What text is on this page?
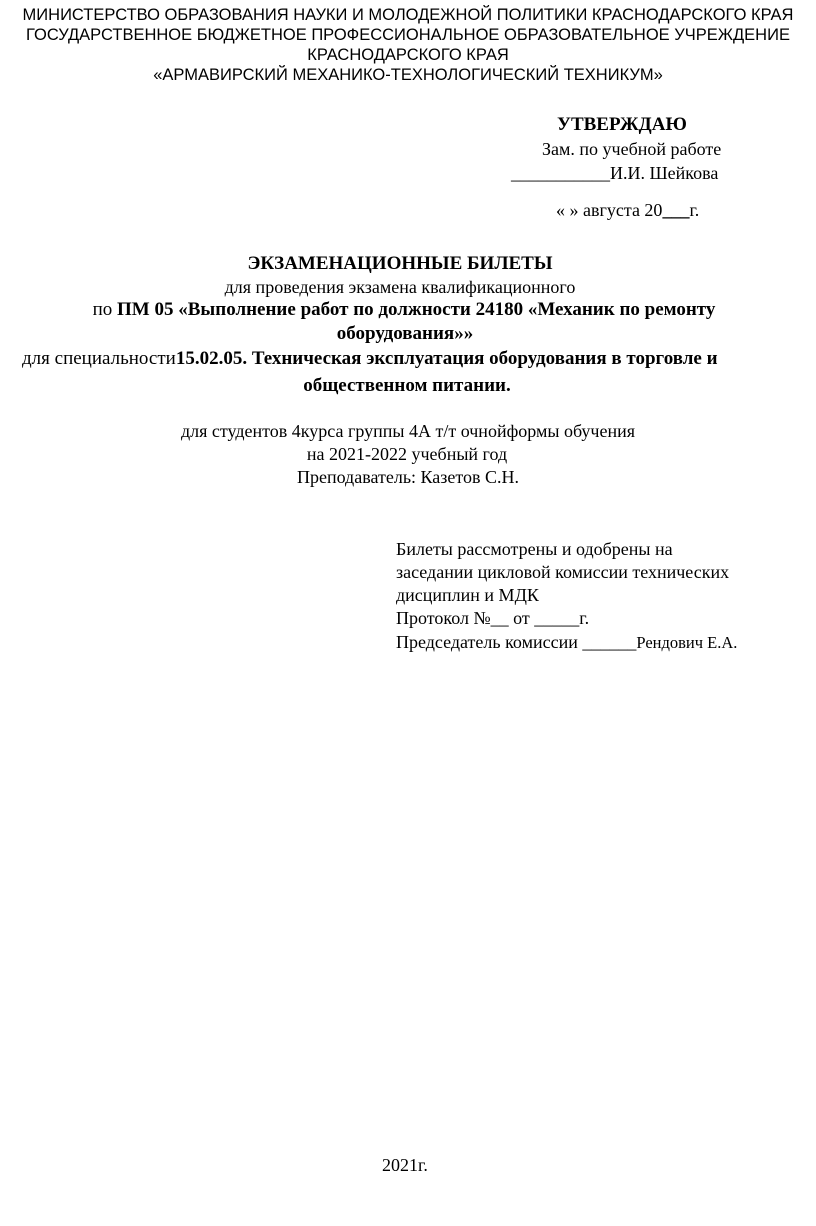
МИНИСТЕРСТВО ОБРАЗОВАНИЯ НАУКИ И МОЛОДЕЖНОЙ ПОЛИТИКИ КРАСНОДАРСКОГО КРАЯ
ГОСУДАРСТВЕННОЕ БЮДЖЕТНОЕ ПРОФЕССИОНАЛЬНОЕ ОБРАЗОВАТЕЛЬНОЕ УЧРЕЖДЕНИЕ
КРАСНОДАРСКОГО КРАЯ
«АРМАВИРСКИЙ МЕХАНИКО-ТЕХНОЛОГИЧЕСКИЙ ТЕХНИКУМ»
УТВЕРЖДАЮ
Зам. по учебной работе
___________И.И. Шейкова
« » августа 20___г.
ЭКЗАМЕНАЦИОННЫЕ БИЛЕТЫ
для проведения экзамена квалификационного
по ПМ 05 «Выполнение работ по должности 24180 «Механик по ремонту
оборудования»»
для специальности15.02.05. Техническая эксплуатация оборудования в торговле и
общественном питании.
для студентов 4курса группы 4А т/т очнойформы обучения
на 2021-2022 учебный год
Преподаватель: Казетов С.Н.
Билеты рассмотрены и одобрены на
заседании цикловой комиссии технических
дисциплин и МДК
Протокол №__ от _____г.
Председатель комиссии ______Рендович Е.А.
2021г.
